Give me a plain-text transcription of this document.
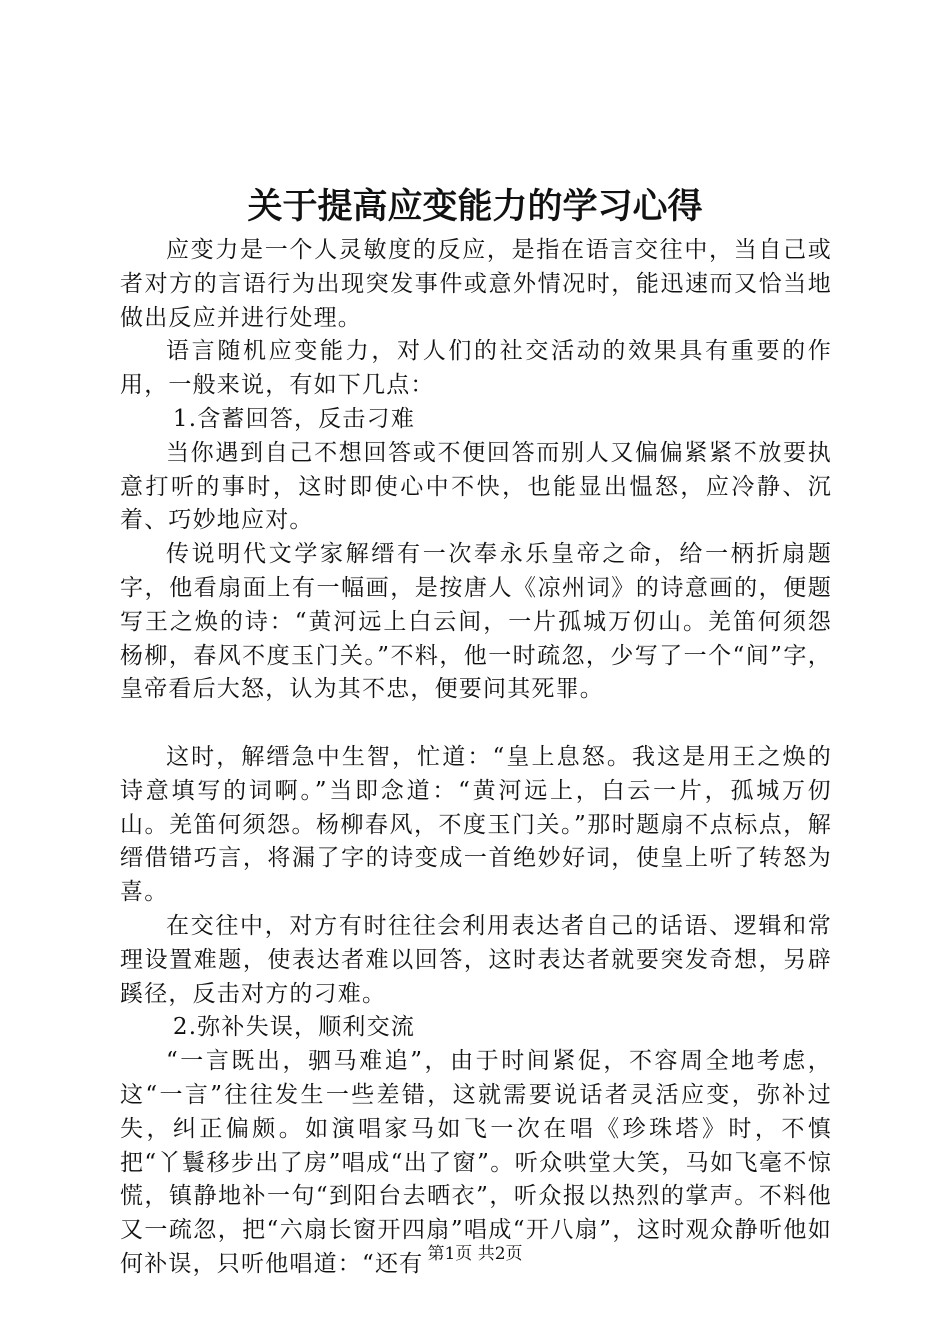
关于提高应变能力的学习心得

应变力是一个人灵敏度的反应，是指在语言交往中，当自己或者对方的言语行为出现突发事件或意外情况时，能迅速而又恰当地做出反应并进行处理。

语言随机应变能力，对人们的社交活动的效果具有重要的作用，一般来说，有如下几点：

1.含蓄回答，反击刁难

当你遇到自己不想回答或不便回答而别人又偏偏紧紧不放要执意打听的事时，这时即使心中不快，也能显出愠怒，应冷静、沉着、巧妙地应对。

传说明代文学家解缙有一次奉永乐皇帝之命，给一柄折扇题字，他看扇面上有一幅画，是按唐人《凉州词》的诗意画的，便题写王之焕的诗：“黄河远上白云间，一片孤城万仞山。羌笛何须怨杨柳，春风不度玉门关。”不料，他一时疏忽，少写了一个“间”字，皇帝看后大怒，认为其不忠，便要问其死罪。

这时，解缙急中生智，忙道：“皇上息怒。我这是用王之焕的诗意填写的词啊。”当即念道：“黄河远上，白云一片，孤城万仞山。羌笛何须怨。杨柳春风，不度玉门关。”那时题扇不点标点，解缙借错巧言，将漏了字的诗变成一首绝妙好词，使皇上听了转怒为喜。

在交往中，对方有时往往会利用表达者自己的话语、逻辑和常理设置难题，使表达者难以回答，这时表达者就要突发奇想，另辟蹊径，反击对方的刁难。

2.弥补失误，顺利交流

“一言既出，驷马难追”，由于时间紧促，不容周全地考虑，这“一言”往往发生一些差错，这就需要说话者灵活应变，弥补过失，纠正偏颇。如演唱家马如飞一次在唱《珍珠塔》时，不慎把“丫鬟移步出了房”唱成“出了窗”。听众哄堂大笑，马如飞毫不惊慌，镇静地补一句“到阳台去晒衣”，听众报以热烈的掌声。不料他又一疏忽，把“六扇长窗开四扇”唱成“开八扇”，这时观众静听他如何补误，只听他唱道：“还有 第1页 共2页
